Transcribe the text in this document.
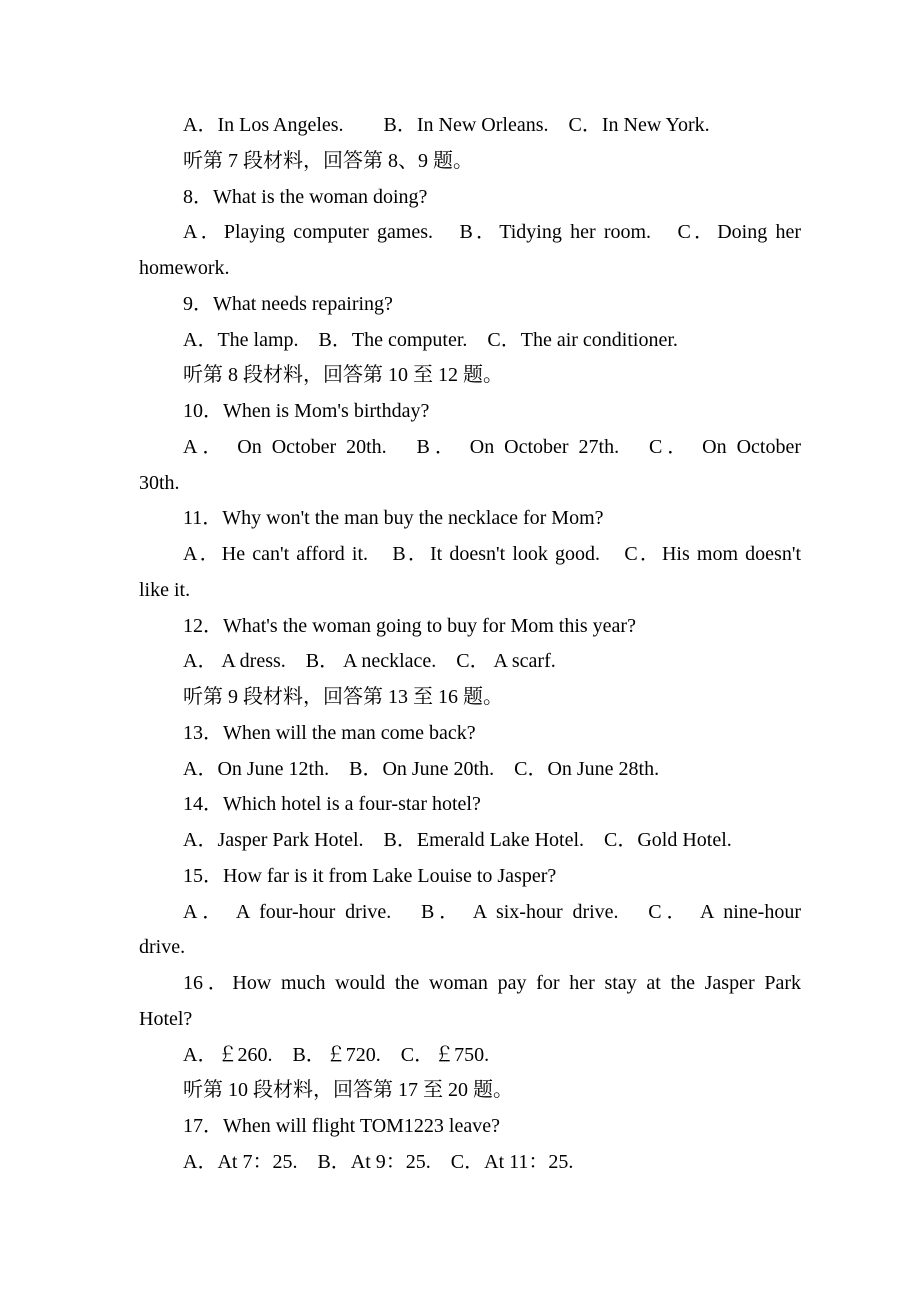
A．In Los Angeles.　　B．In New Orleans.　C．In New York.
听第 7 段材料，回答第 8、9 题。
8．What is the woman doing?
A．Playing computer games.　B．Tidying her room.　C．Doing her
homework.
9．What needs repairing?
A．The lamp.　B．The computer.　C．The air conditioner.
听第 8 段材料，回答第 10 至 12 题。
10．When is Mom's birthday?
A． On October 20th.　B． On October 27th.　C． On October
30th.
11．Why won't the man buy the necklace for Mom?
A．He can't afford it.　B．It doesn't look good.　C．His mom doesn't
like it.
12．What's the woman going to buy for Mom this year?
A． A dress.　B． A necklace.　C． A scarf.
听第 9 段材料，回答第 13 至 16 题。
13．When will the man come back?
A．On June 12th.　B．On June 20th.　C．On June 28th.
14．Which hotel is a four-star hotel?
A．Jasper Park Hotel.　B．Emerald Lake Hotel.　C．Gold Hotel.
15．How far is it from Lake Louise to Jasper?
A． A four-hour drive.　B． A six-hour drive.　C． A nine-hour
drive.
16．How much would the woman pay for her stay at the Jasper Park
Hotel?
A．￡260.　B．￡720.　C．￡750.
听第 10 段材料，回答第 17 至 20 题。
17．When will flight TOM1223 leave?
A．At 7：25.　B．At 9：25.　C．At 11：25.
